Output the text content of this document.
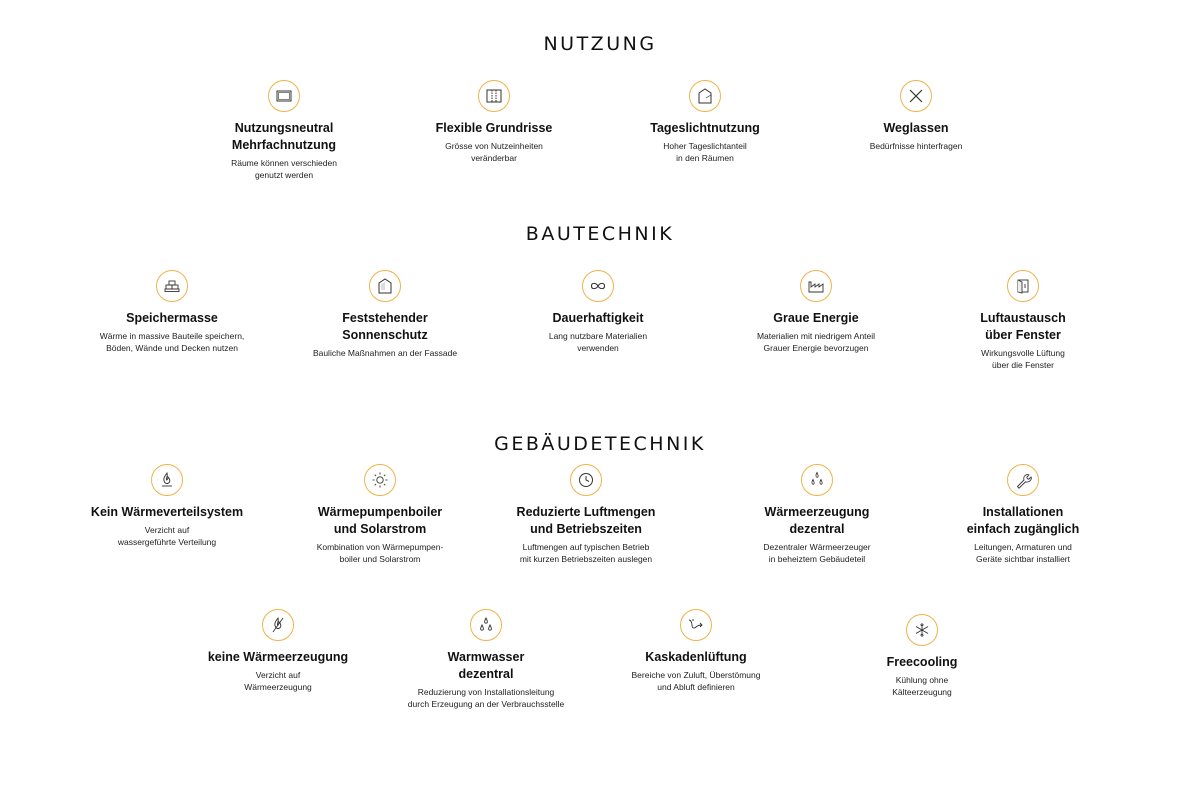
NUTZUNG
Nutzungsneutral
Mehrfachnutzung
Räume können verschieden
genutzt werden
Flexible Grundrisse
Grösse von Nutzeinheiten
veränderbar
Tageslichtnutzung
Hoher Tageslichtanteil
in den Räumen
Weglassen
Bedürfnisse hinterfragen
BAUTECHNIK
Speichermasse
Wärme in massive Bauteile speichern,
Böden, Wände und Decken nutzen
Feststehender
Sonnenschutz
Bauliche Maßnahmen an der Fassade
Dauerhaftigkeit
Lang nutzbare Materialien
verwenden
Graue Energie
Materialien mit niedrigem Anteil
Grauer Energie bevorzugen
Luftaustausch
über Fenster
Wirkungsvolle Lüftung
über die Fenster
GEBÄUDETECHNIK
Kein Wärmeverteilsystem
Verzicht auf
wassergeführte Verteilung
Wärmepumpenboiler
und Solarstrom
Kombination von Wärmepumpen-
boiler und Solarstrom
Reduzierte Luftmengen
und Betriebszeiten
Luftmengen auf typischen Betrieb
mit kurzen Betriebszeiten auslegen
Wärmeerzeugung
dezentral
Dezentraler Wärmeerzeuger
in beheiztem Gebäudeteil
Installationen
einfach zugänglich
Leitungen, Armaturen und
Geräte sichtbar installiert
keine Wärmeerzeugung
Verzicht auf
Wärmeerzeugung
Warmwasser
dezentral
Reduzierung von Installationsleitung
durch Erzeugung an der Verbrauchsstelle
Kaskadenlüftung
Bereiche von Zuluft, Überstömung
und Abluft definieren
Freecooling
Kühlung ohne
Kälteerzeugung
